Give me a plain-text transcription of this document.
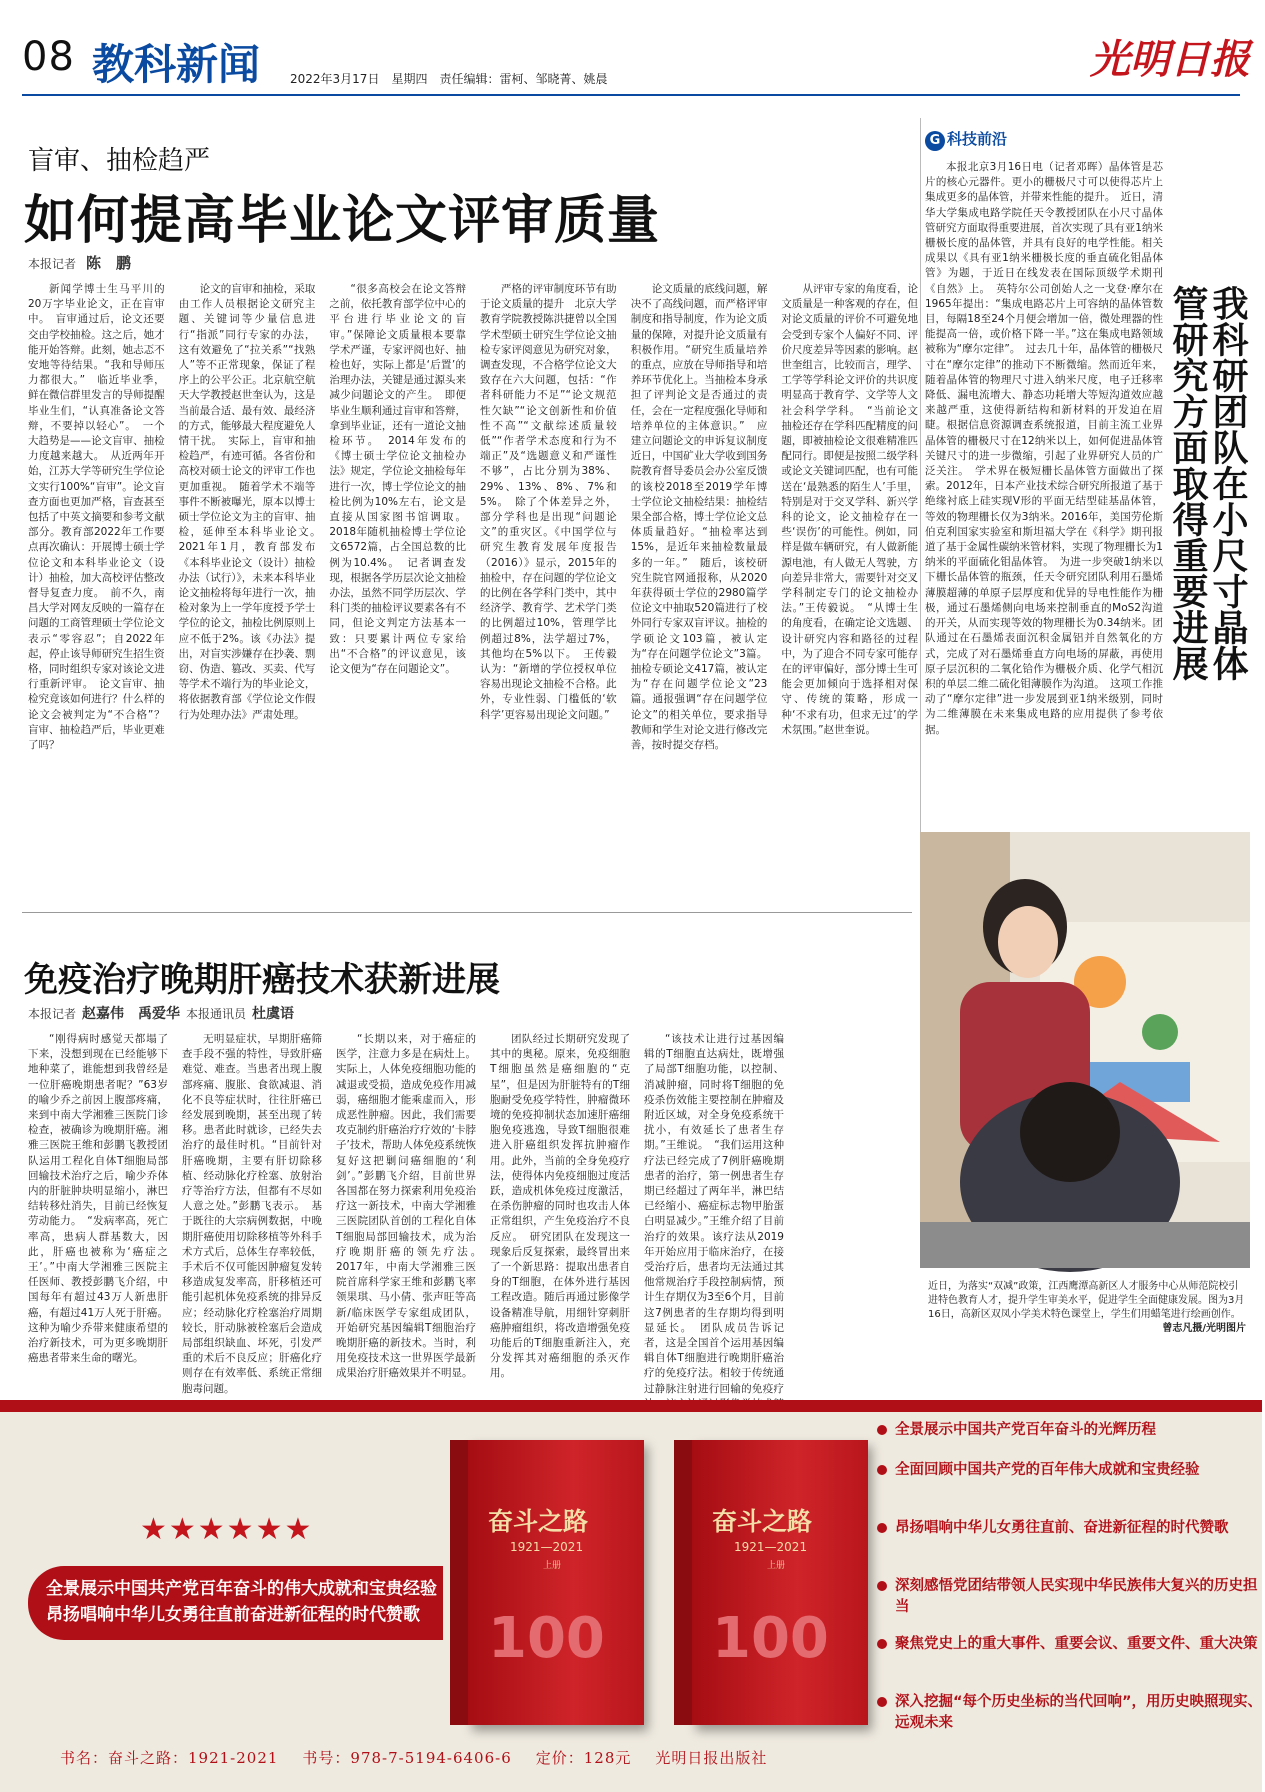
08 教科新闻 2022年3月17日　星期四　责任编辑：雷柯、邹晓菁、姚晨	光明日报
盲审、抽检趋严
如何提高毕业论文评审质量
本报记者 陈　鹏

新闻学博士生马平川的20万字毕业论文，正在盲审中。　盲审通过后，论文还要交由学校抽检。这之后，她才能开始答辩。此刻，她忐忑不安地等待结果。“我和导师压力都很大。”　临近毕业季，鲜在微信群里发言的导师提醒毕业生们，“认真准备论文答辩，不要掉以轻心”。　一个大趋势是——论文盲审、抽检力度越来越大。　从近两年开始，江苏大学等研究生学位论文实行100%“盲审”。论文盲查方面也更加严格，盲查甚至包括了中英文摘要和参考文献部分。教育部2022年工作要点再次确认：开展博士硕士学位论文和本科毕业论文（设计）抽检，加大高校评估整改督导复查力度。　前不久，南昌大学对网友反映的一篇存在问题的工商管理硕士学位论文表示“零容忍”；自2022年起，停止该导师研究生招生资格，同时组织专家对该论文进行重新评审。　论文盲审、抽检究竟该如何进行？什么样的论文会被判定为“不合格”？盲审、抽检趋严后，毕业更难了吗？

论文的盲审和抽检，采取由工作人员根据论文研究主题、关键词等少量信息进行“指派”同行专家的办法，这有效避免了“拉关系”“找熟人”等不正常现象，保证了程序上的公平公正。北京航空航天大学教授赵世奎认为，这是当前最合适、最有效、最经济的方式，能够最大程度避免人情干扰。　实际上，盲审和抽检趋严，有迹可循。各省份和高校对硕士论文的评审工作也更加重视。　随着学术不端等事件不断被曝光，原本以博士硕士学位论文为主的盲审、抽检，延伸至本科毕业论文。　2021年1月，教育部发布《本科毕业论文（设计）抽检办法（试行）》，未来本科毕业论文抽检将每年进行一次，抽检对象为上一学年度授予学士学位的论文，抽检比例原则上应不低于2%。该《办法》提出，对盲实涉嫌存在抄袭、剽窃、伪造、篡改、买卖、代写等学术不端行为的毕业论文，将依据教育部《学位论文作假行为处理办法》严肃处理。

“很多高校会在论文答辩之前，依托教育部学位中心的平台进行毕业论文的盲审。”保障论文质量根本要靠学术严谨，专家评阅也好、抽检也好，实际上都是‘后置’的治理办法，关键是通过源头来减少问题论文的产生。　即便毕业生顺利通过盲审和答辩，拿到毕业证，还有一道论文抽检环节。　2014年发布的《博士硕士学位论文抽检办法》规定，学位论文抽检每年进行一次，博士学位论文的抽检比例为10%左右，论文是直接从国家图书馆调取。2018年随机抽检博士学位论文6572篇，占全国总数的比例为10.4%。　记者调查发现，根据各学历层次论文抽检办法，虽然不同学历层次、学科门类的抽检评议要素各有不同，但论文判定方法基本一致：只要累计两位专家给出“不合格”的评议意见，该论文便为“存在问题论文”。

严格的评审制度环节有助于论文质量的提升　北京大学教育学院教授陈洪捷曾以全国学术型硕士研究生学位论文抽检专家评阅意见为研究对象，调查发现，不合格学位论文大致存在六大问题，包括：“作者科研能力不足”“论文规范性欠缺”“论文创新性和价值性不高”“文献综述质量较低”“作者学术态度和行为不端正”及“选题意义和严谨性不够”，占比分别为38%、29%、13%、8%、7%和5%。　除了个体差异之外，部分学科也是出现“问题论文”的重灾区。《中国学位与研究生教育发展年度报告（2016）》显示，2015年的抽检中，存在问题的学位论文的比例在各学科门类中，其中经济学、教育学、艺术学门类的比例超过10%，管理学比例超过8%，法学超过7%，其他均在5%以下。　王传毅认为：“新增的学位授权单位容易出现论文抽检不合格。此外，专业性弱、门槛低的‘软科学’更容易出现论文问题。”

论文质量的底线问题，解决不了高线问题，而严格评审制度和指导制度，作为论文质量的保障，对提升论文质量有积极作用。“研究生质量培养的重点，应放在导师指导和培养环节优化上。当抽检本身承担了评判论文是否通过的责任，会在一定程度强化导师和培养单位的主体意识。”　应建立问题论文的申诉复议制度　近日，中国矿业大学收到国务院教育督导委员会办公室反馈的该校2018至2019学年博士学位论文抽检结果：抽检结果全部合格，博士学位论文总体质量趋好。“抽检率达到15%，是近年来抽检数量最多的一年。”　随后，该校研究生院官网通报称，从2020年获得硕士学位的2980篇学位论文中抽取520篇进行了校外同行专家双盲评议。抽检的学硕论文103篇，被认定为“存在问题学位论文”3篇。抽检专硕论文417篇，被认定为“存在问题学位论文”23篇。通报强调“存在问题学位论文”的相关单位，要求指导教师和学生对论文进行修改完善，按时提交存档。

从评审专家的角度看，论文质量是一种客观的存在，但对论文质量的评价不可避免地会受到专家个人偏好不同、评价尺度差异等因素的影响。赵世奎组言，比较而言，理学、工学等学科论文评价的共识度明显高于教育学、文学等人文社会科学学科。　“当前论文抽检还存在学科匹配精度的问题，即被抽检论文很难精准匹配同行。即便是按照二级学科或论文关键词匹配，也有可能送在‘最熟悉的陌生人’手里，特别是对于交叉学科、新兴学科的论文，论文抽检存在一些‘误伤’的可能性。例如，同样是做车辆研究，有人做新能源电池，有人做无人驾驶，方向差异非常大，需要针对交叉学科制定专门的论文抽检办法。”王传毅说。　“从博士生的角度看，在确定论文选题、设计研究内容和路径的过程中，为了迎合不同专家可能存在的评审偏好，部分博士生可能会更加倾向于选择相对保守、传统的策略，形成一种‘不求有功，但求无过’的学术氛围。”赵世奎说。

G 科技前沿

本报北京3月16日电（记者邓晖）晶体管是芯片的核心元器件。更小的栅极尺寸可以使得芯片上集成更多的晶体管，并带来性能的提升。　近日，清华大学集成电路学院任天令教授团队在小尺寸晶体管研究方面取得重要进展，首次实现了具有亚1纳米栅极长度的晶体管，并具有良好的电学性能。相关成果以《具有亚1纳米栅极长度的垂直硫化钼晶体管》为题，于近日在线发表在国际顶级学术期刊《自然》上。　英特尔公司创始人之一戈登·摩尔在1965年提出：“集成电路芯片上可容纳的晶体管数目，每隔18至24个月便会增加一倍，微处理器的性能提高一倍，或价格下降一半。”这在集成电路领域被称为“摩尔定律”。　过去几十年，晶体管的栅极尺寸在“摩尔定律”的推动下不断微缩。然而近年来，随着晶体管的物理尺寸进入纳米尺度，电子迁移率降低、漏电流增大、静态功耗增大等短沟道效应越来越严重，这使得新结构和新材料的开发迫在眉睫。根据信息资源调查系统报道，目前主流工业界晶体管的栅极尺寸在12纳米以上，如何促进晶体管关键尺寸的进一步微缩，引起了业界研究人员的广泛关注。　学术界在极短栅长晶体管方面做出了探索。2012年，日本产业技术综合研究所报道了基于绝缘衬底上硅实现V形的平面无结型硅基晶体管，等效的物理栅长仅为3纳米。2016年，美国劳伦斯伯克利国家实验室和斯坦福大学在《科学》期刊报道了基于金属性碳纳米管材料，实现了物理栅长为1纳米的平面硫化钼晶体管。　为进一步突破1纳米以下栅长晶体管的瓶颈，任天令研究团队利用石墨烯薄膜超薄的单原子层厚度和优异的导电性能作为栅极，通过石墨烯侧向电场来控制垂直的MoS2沟道的开关，从而实现等效的物理栅长为0.34纳米。团队通过在石墨烯表面沉积金属铝并自然氧化的方式，完成了对石墨烯垂直方向电场的屏蔽，再使用原子层沉积的二氧化铪作为栅极介质、化学气相沉积的单层二维二硫化钼薄膜作为沟道。　这项工作推动了“摩尔定律”进一步发展到亚1纳米级别，同时为二维薄膜在未来集成电路的应用提供了参考依据。

我科研团队在小尺寸晶体管研究方面取得重要进展
近日，为落实“双减”政策，江西鹰潭高新区人才服务中心从师范院校引进特色教育人才，提升学生审美水平，促进学生全面健康发展。图为3月16日，高新区双凤小学美术特色课堂上，学生们用蜡笔进行绘画创作。
曾志凡摄/光明图片
免疫治疗晚期肝癌技术获新进展
本报记者 赵嘉伟　禹爱华 本报通讯员 杜虞语

“刚得病时感觉天都塌了下来，没想到现在已经能够下地种菜了，谁能想到我曾经是一位肝癌晚期患者呢？”63岁的喻少乔之前因上腹部疼痛，来到中南大学湘雅三医院门诊检查，被确诊为晚期肝癌。湘雅三医院王维和彭鹏飞教授团队运用工程化自体T细胞局部回输技术治疗之后，喻少乔体内的肝脏肿块明显缩小，淋巴结转移灶消失，目前已经恢复劳动能力。　“发病率高，死亡率高，患病人群基数大，因此，肝癌也被称为‘癌症之王’。”中南大学湘雅三医院主任医师、教授彭鹏飞介绍，中国每年有超过43万人新患肝癌，有超过41万人死于肝癌。这种为喻少乔带来健康希望的治疗新技术，可为更多晚期肝癌患者带来生命的曙光。

无明显症状，早期肝癌筛查手段不强的特性，导致肝癌难觉、难查。当患者出现上腹部疼痛、腹胀、食欲减退、消化不良等症状时，往往肝癌已经发展到晚期，甚至出现了转移。患者此时就诊，已经失去治疗的最佳时机。“目前针对肝癌晚期，主要有肝切除移植、经动脉化疗栓塞、放射治疗等治疗方法，但都有不尽如人意之处。”彭鹏飞表示。　基于既往的大宗病例数据，中晚期肝癌使用切除移植等外科手术方式后，总体生存率较低，手术后不仅可能因肿瘤复发转移造成复发率高，肝移植还可能引起机体免疫系统的排异反应；经动脉化疗栓塞治疗周期较长，肝动脉被栓塞后会造成局部组织缺血、坏死，引发严重的术后不良反应；肝癌化疗则存在有效率低、系统正常细胞毒问题。

“长期以来，对于癌症的医学，注意力多是在病灶上。实际上，人体免疫细胞功能的减退或受损，造成免疫作用减弱，癌细胞才能乘虚而入，形成恶性肿瘤。因此，我们需要攻克制约肝癌治疗疗效的‘卡脖子’技术，帮助人体免疫系统恢复好这把剿问癌细胞的‘利剑’。”彭鹏飞介绍，目前世界各国都在努力探索利用免疫治疗这一新技术，中南大学湘雅三医院团队首创的工程化自体T细胞局部回输技术，成为治疗晚期肝癌的领先疗法。　2017年，中南大学湘雅三医院首席科学家王维和彭鹏飞率领果琪、马小倩、张声旺等高新/临床医学专家组成团队，开始研究基因编辑T细胞治疗晚期肝癌的新技术。当时，利用免疫技术这一世界医学最新成果治疗肝癌效果并不明显。

团队经过长期研究发现了其中的奥秘。原来，免疫细胞T细胞虽然是癌细胞的“克星”，但是因为肝脏特有的T细胞耐受免疫学特性，肿瘤微环境的免疫抑制状态加速肝癌细胞免疫逃逸，导致T细胞很难进入肝癌组织发挥抗肿瘤作用。此外，当前的全身免疫疗法，使得体内免疫细胞过度活跃，造成机体免疫过度激活，在杀伤肿瘤的同时也攻击人体正常组织，产生免疫治疗不良反应。　研究团队在发现这一现象后反复探索，最终冒出来了一个新思路：提取出患者自身的T细胞，在体外进行基因工程改造。随后再通过影像学设备精准导航，用细针穿刺肝癌肿瘤组织，将改造增强免疫功能后的T细胞重新注入，充分发挥其对癌细胞的杀灭作用。

“该技术让进行过基因编辑的T细胞直达病灶，既增强了局部T细胞功能，以控制、消减肿瘤，同时将T细胞的免疫杀伤效能主要控制在肿瘤及附近区域，对全身免疫系统干扰小，有效延长了患者生存期。”王维说。　“我们运用这种疗法已经完成了7例肝癌晚期患者的治疗，第一例患者生存期已经超过了两年半，淋巴结已经缩小、癌症标志物甲胎蛋白明显减少。”王维介绍了目前治疗的效果。该疗法从2019年开始应用于临床治疗，在接受治疗后，患者均无法通过其他常规治疗手段控制病情，预计生存期仅为3至6个月，目前这7例患者的生存期均得到明显延长。　团队成员告诉记者，这是全国首个运用基因编辑自体T细胞进行晚期肝癌治疗的免疫疗法。相较于传统通过静脉注射进行回输的免疫疗

★★★★★★
全景展示中国共产党百年奋斗的伟大成就和宝贵经验
昂扬唱响中华儿女勇往直前奋进新征程的时代赞歌
奋斗之路
1921—2021
上册
100
奋斗之路
1921—2021
上册
100
全景展示中国共产党百年奋斗的光辉历程
全面回顾中国共产党的百年伟大成就和宝贵经验
昂扬唱响中华儿女勇往直前、奋进新征程的时代赞歌
深刻感悟党团结带领人民实现中华民族伟大复兴的历史担当
聚焦党史上的重大事件、重要会议、重要文件、重大决策
深入挖掘“每个历史坐标的当代回响”，用历史映照现实、远观未来
书名：奋斗之路：1921-2021 书号：978-7-5194-6406-6 定价：128元 光明日报出版社
